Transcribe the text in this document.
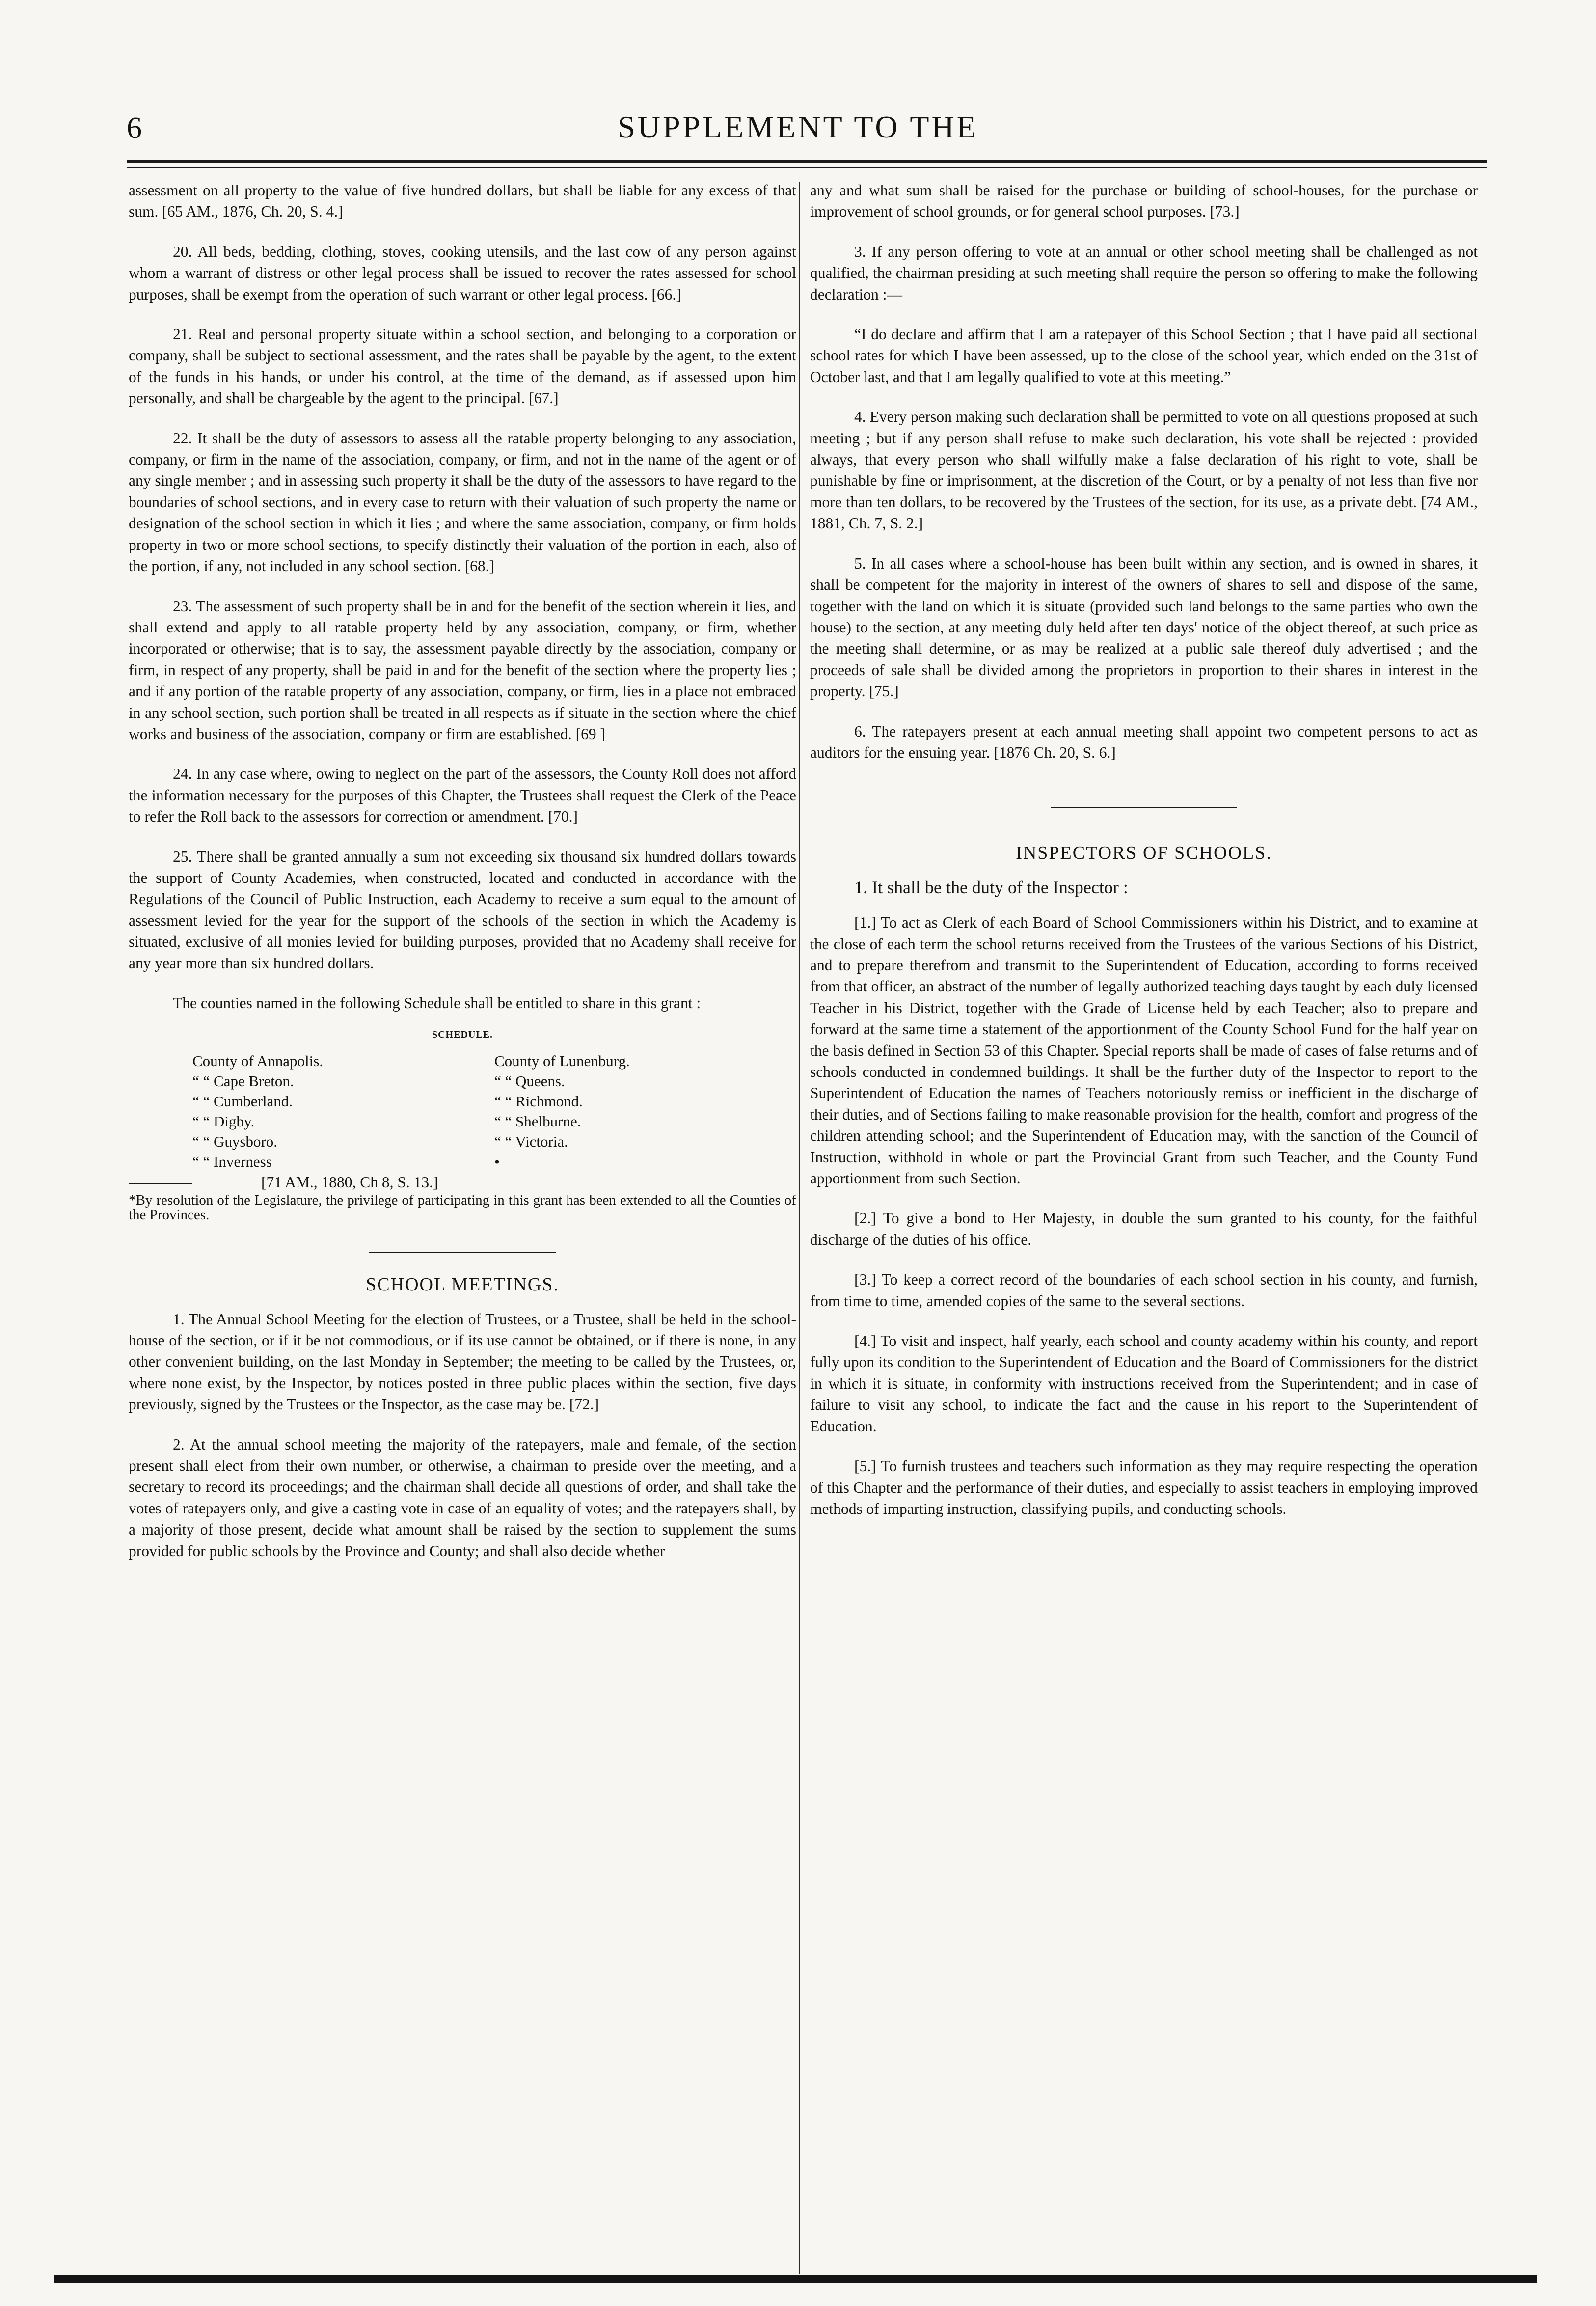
6	SUPPLEMENT TO THE

assessment on all property to the value of five hundred dollars, but shall be liable for any excess of that sum. [65 AM., 1876, Ch. 20, S. 4.]

20. All beds, bedding, clothing, stoves, cooking utensils, and the last cow of any person against whom a warrant of distress or other legal process shall be issued to recover the rates assessed for school purposes, shall be exempt from the operation of such warrant or other legal process. [66.]

21. Real and personal property situate within a school section, and belonging to a corporation or company, shall be subject to sectional assessment, and the rates shall be payable by the agent, to the extent of the funds in his hands, or under his control, at the time of the demand, as if assessed upon him personally, and shall be chargeable by the agent to the principal. [67.]

22. It shall be the duty of assessors to assess all the ratable property belonging to any association, company, or firm in the name of the association, company, or firm, and not in the name of the agent or of any single member ; and in assessing such property it shall be the duty of the assessors to have regard to the boundaries of school sections, and in every case to return with their valuation of such property the name or designation of the school section in which it lies ; and where the same association, company, or firm holds property in two or more school sections, to specify distinctly their valuation of the portion in each, also of the portion, if any, not included in any school section. [68.]

23. The assessment of such property shall be in and for the benefit of the section wherein it lies, and shall extend and apply to all ratable property held by any association, company, or firm, whether incorporated or otherwise; that is to say, the assessment payable directly by the association, company or firm, in respect of any property, shall be paid in and for the benefit of the section where the property lies ; and if any portion of the ratable property of any association, company, or firm, lies in a place not embraced in any school section, such portion shall be treated in all respects as if situate in the section where the chief works and business of the association, company or firm are established. [69 ]

24. In any case where, owing to neglect on the part of the assessors, the County Roll does not afford the information necessary for the purposes of this Chapter, the Trustees shall request the Clerk of the Peace to refer the Roll back to the assessors for correction or amendment. [70.]

25. There shall be granted annually a sum not exceeding six thousand six hundred dollars towards the support of County Academies, when constructed, located and conducted in accordance with the Regulations of the Council of Public Instruction, each Academy to receive a sum equal to the amount of assessment levied for the year for the support of the schools of the section in which the Academy is situated, exclusive of all monies levied for building purposes, provided that no Academy shall receive for any year more than six hundred dollars.

The counties named in the following Schedule shall be entitled to share in this grant :

SCHEDULE.
County of Annapolis.
“ “ Cape Breton.
“ “ Cumberland.
“ “ Digby.
“ “ Guysboro.
“ “ Inverness
County of Lunenburg.
“ “ Queens.
“ “ Richmond.
“ “ Shelburne.
“ “ Victoria.
•
[71 AM., 1880, Ch 8, S. 13.]

*By resolution of the Legislature, the privilege of participating in this grant has been extended to all the Counties of the Provinces.

SCHOOL MEETINGS.

1. The Annual School Meeting for the election of Trustees, or a Trustee, shall be held in the school-house of the section, or if it be not commodious, or if its use cannot be obtained, or if there is none, in any other convenient building, on the last Monday in September; the meeting to be called by the Trustees, or, where none exist, by the Inspector, by notices posted in three public places within the section, five days previously, signed by the Trustees or the Inspector, as the case may be. [72.]

2. At the annual school meeting the majority of the ratepayers, male and female, of the section present shall elect from their own number, or otherwise, a chairman to preside over the meeting, and a secretary to record its proceedings; and the chairman shall decide all questions of order, and shall take the votes of ratepayers only, and give a casting vote in case of an equality of votes; and the ratepayers shall, by a majority of those present, decide what amount shall be raised by the section to supplement the sums provided for public schools by the Province and County; and shall also decide whether

any and what sum shall be raised for the purchase or building of school-houses, for the purchase or improvement of school grounds, or for general school purposes. [73.]

3. If any person offering to vote at an annual or other school meeting shall be challenged as not qualified, the chairman presiding at such meeting shall require the person so offering to make the following declaration :—

“I do declare and affirm that I am a ratepayer of this School Section ; that I have paid all sectional school rates for which I have been assessed, up to the close of the school year, which ended on the 31st of October last, and that I am legally qualified to vote at this meeting.”

4. Every person making such declaration shall be permitted to vote on all questions proposed at such meeting ; but if any person shall refuse to make such declaration, his vote shall be rejected : provided always, that every person who shall wilfully make a false declaration of his right to vote, shall be punishable by fine or imprisonment, at the discretion of the Court, or by a penalty of not less than five nor more than ten dollars, to be recovered by the Trustees of the section, for its use, as a private debt. [74 AM., 1881, Ch. 7, S. 2.]

5. In all cases where a school-house has been built within any section, and is owned in shares, it shall be competent for the majority in interest of the owners of shares to sell and dispose of the same, together with the land on which it is situate (provided such land belongs to the same parties who own the house) to the section, at any meeting duly held after ten days' notice of the object thereof, at such price as the meeting shall determine, or as may be realized at a public sale thereof duly advertised ; and the proceeds of sale shall be divided among the proprietors in proportion to their shares in interest in the property. [75.]

6. The ratepayers present at each annual meeting shall appoint two competent persons to act as auditors for the ensuing year. [1876 Ch. 20, S. 6.]

INSPECTORS OF SCHOOLS.
1. It shall be the duty of the Inspector :

[1.] To act as Clerk of each Board of School Commissioners within his District, and to examine at the close of each term the school returns received from the Trustees of the various Sections of his District, and to prepare therefrom and transmit to the Superintendent of Education, according to forms received from that officer, an abstract of the number of legally authorized teaching days taught by each duly licensed Teacher in his District, together with the Grade of License held by each Teacher; also to prepare and forward at the same time a statement of the apportionment of the County School Fund for the half year on the basis defined in Section 53 of this Chapter. Special reports shall be made of cases of false returns and of schools conducted in condemned buildings. It shall be the further duty of the Inspector to report to the Superintendent of Education the names of Teachers notoriously remiss or inefficient in the discharge of their duties, and of Sections failing to make reasonable provision for the health, comfort and progress of the children attending school; and the Superintendent of Education may, with the sanction of the Council of Instruction, withhold in whole or part the Provincial Grant from such Teacher, and the County Fund apportionment from such Section.

[2.] To give a bond to Her Majesty, in double the sum granted to his county, for the faithful discharge of the duties of his office.

[3.] To keep a correct record of the boundaries of each school section in his county, and furnish, from time to time, amended copies of the same to the several sections.

[4.] To visit and inspect, half yearly, each school and county academy within his county, and report fully upon its condition to the Superintendent of Education and the Board of Commissioners for the district in which it is situate, in conformity with instructions received from the Superintendent; and in case of failure to visit any school, to indicate the fact and the cause in his report to the Superintendent of Education.

[5.] To furnish trustees and teachers such information as they may require respecting the operation of this Chapter and the performance of their duties, and especially to assist teachers in employing improved methods of imparting instruction, classifying pupils, and conducting schools.
